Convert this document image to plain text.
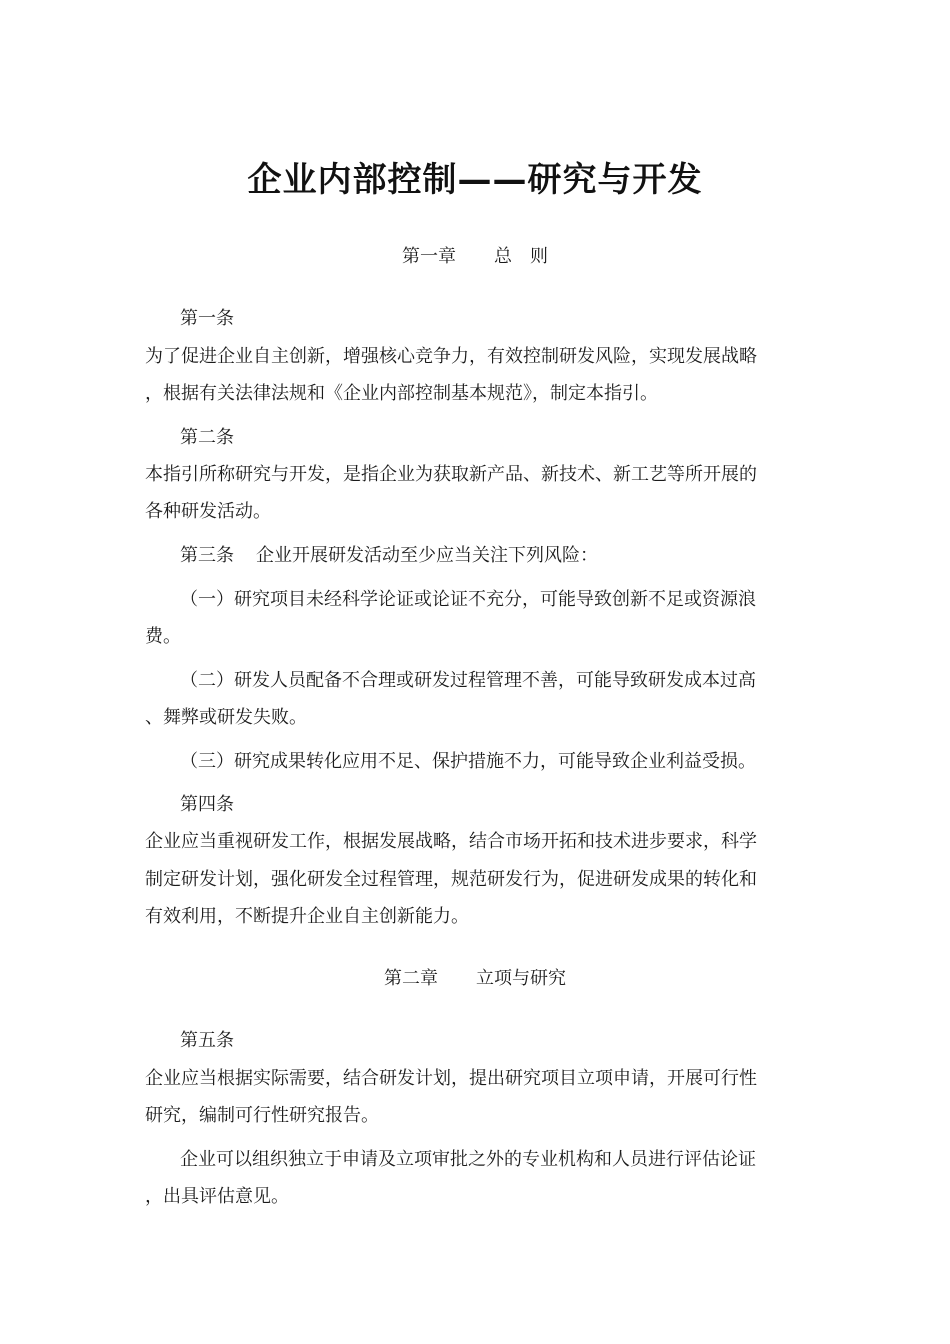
企业内部控制——研究与开发
第一章 总　则
第一条
为了促进企业自主创新，增强核心竞争力，有效控制研发风险，实现发展战略
，根据有关法律法规和《企业内部控制基本规范》，制定本指引。
第二条
本指引所称研究与开发，是指企业为获取新产品、新技术、新工艺等所开展的
各种研发活动。
第三条 企业开展研发活动至少应当关注下列风险：
（一）研究项目未经科学论证或论证不充分，可能导致创新不足或资源浪
费。
（二）研发人员配备不合理或研发过程管理不善，可能导致研发成本过高
、舞弊或研发失败。
（三）研究成果转化应用不足、保护措施不力，可能导致企业利益受损。
第四条
企业应当重视研发工作，根据发展战略，结合市场开拓和技术进步要求，科学
制定研发计划，强化研发全过程管理，规范研发行为，促进研发成果的转化和
有效利用，不断提升企业自主创新能力。
第二章 立项与研究
第五条
企业应当根据实际需要，结合研发计划，提出研究项目立项申请，开展可行性
研究，编制可行性研究报告。
企业可以组织独立于申请及立项审批之外的专业机构和人员进行评估论证
，出具评估意见。
